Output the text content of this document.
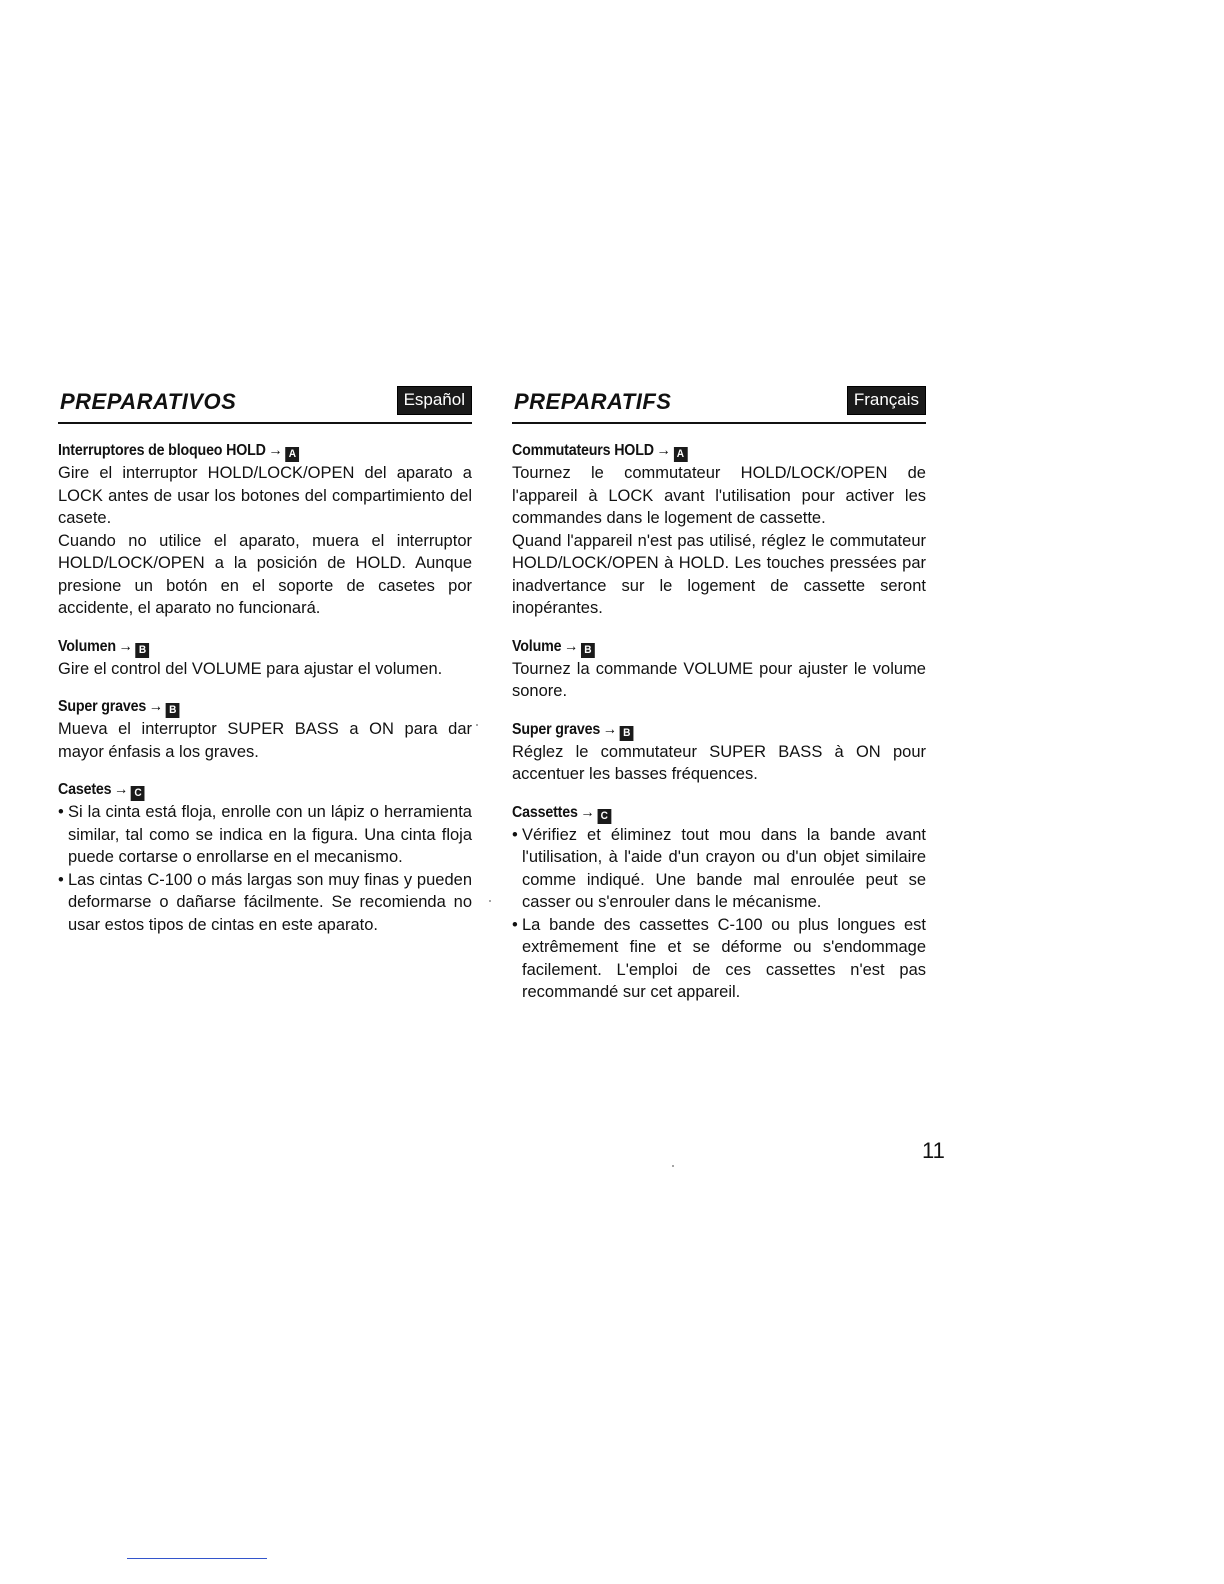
PREPARATIVOS	Español
Interruptores de bloqueo HOLD → A

Gire el interruptor HOLD/LOCK/OPEN del aparato a LOCK antes de usar los botones del compartimiento del casete.

Cuando no utilice el aparato, muera el interruptor HOLD/LOCK/OPEN a la posición de HOLD. Aunque presione un botón en el soporte de casetes por accidente, el aparato no funcionará.

Volumen → B

Gire el control del VOLUME para ajustar el volumen.

Super graves → B

Mueva el interruptor SUPER BASS a ON para dar mayor énfasis a los graves.

Casetes → C
• Si la cinta está floja, enrolle con un lápiz o herramienta similar, tal como se indica en la figura. Una cinta floja puede cortarse o enrollarse en el mecanismo.
• Las cintas C-100 o más largas son muy finas y pueden deformarse o dañarse fácilmente. Se recomienda no usar estos tipos de cintas en este aparato.
PREPARATIFS	Français
Commutateurs HOLD → A

Tournez le commutateur HOLD/LOCK/OPEN de l'appareil à LOCK avant l'utilisation pour activer les commandes dans le logement de cassette.

Quand l'appareil n'est pas utilisé, réglez le commutateur HOLD/LOCK/OPEN à HOLD. Les touches pressées par inadvertance sur le logement de cassette seront inopérantes.

Volume → B

Tournez la commande VOLUME pour ajuster le volume sonore.

Super graves → B

Réglez le commutateur SUPER BASS à ON pour accentuer les basses fréquences.

Cassettes → C
• Vérifiez et éliminez tout mou dans la bande avant l'utilisation, à l'aide d'un crayon ou d'un objet similaire comme indiqué. Une bande mal enroulée peut se casser ou s'enrouler dans le mécanisme.
• La bande des cassettes C-100 ou plus longues est extrêmement fine et se déforme ou s'endommage facilement. L'emploi de ces cassettes n'est pas recommandé sur cet appareil.
11
